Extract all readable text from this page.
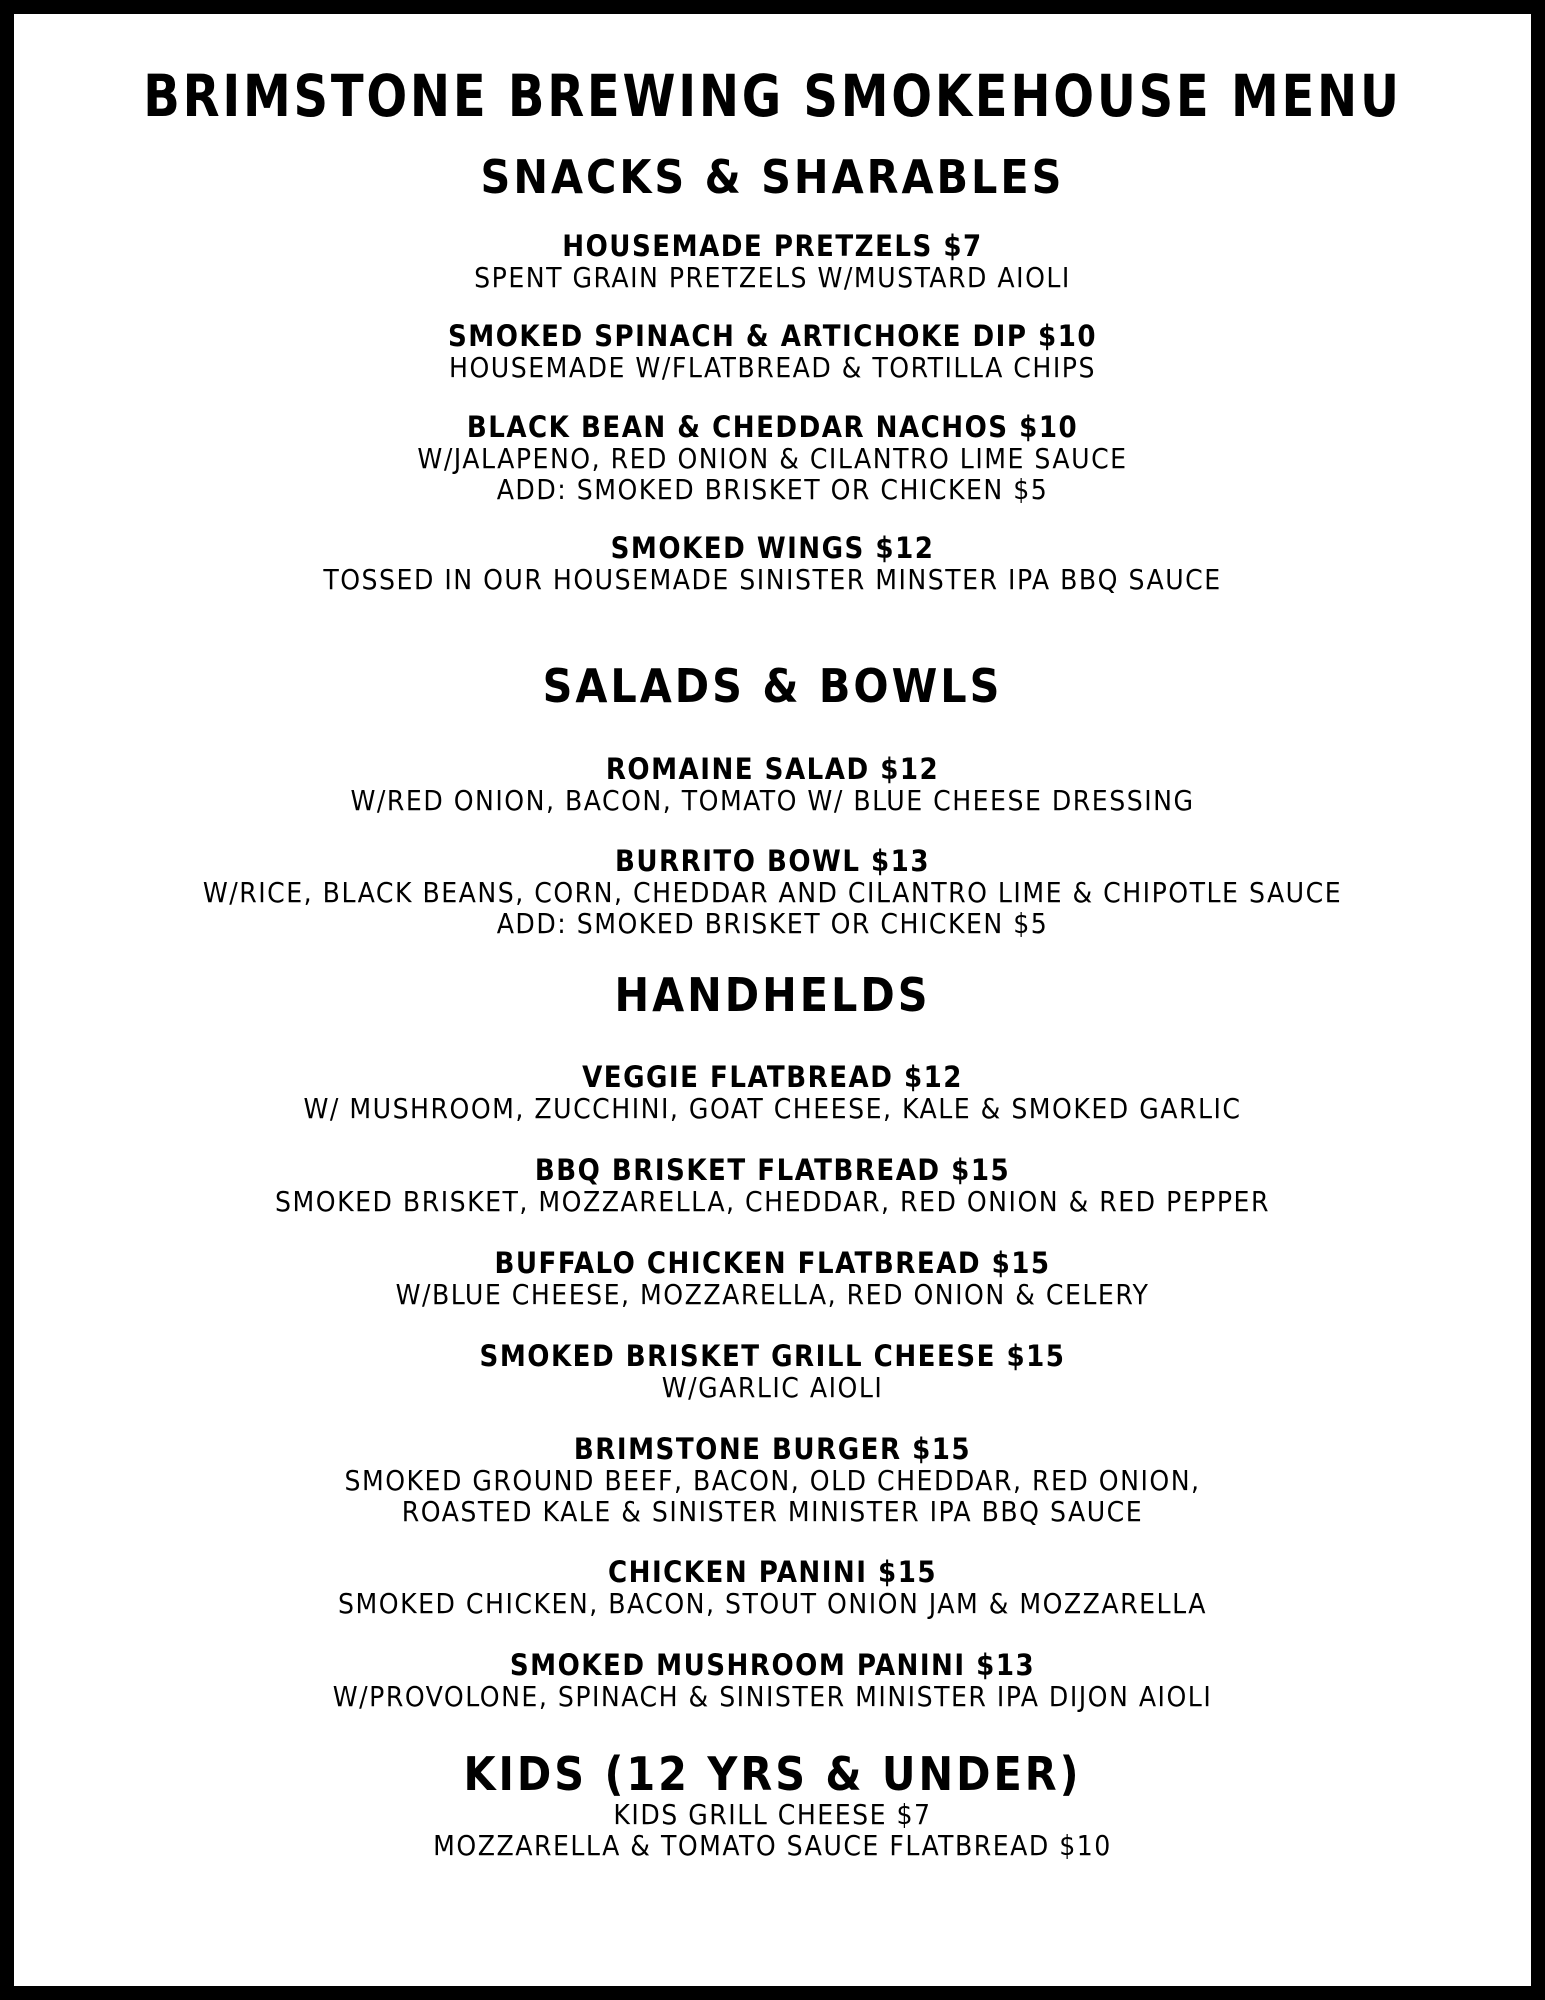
BRIMSTONE BREWING SMOKEHOUSE MENU
SNACKS & SHARABLES
HOUSEMADE PRETZELS $7
SPENT GRAIN PRETZELS W/MUSTARD AIOLI
SMOKED SPINACH & ARTICHOKE DIP $10
HOUSEMADE W/FLATBREAD & TORTILLA CHIPS
BLACK BEAN & CHEDDAR NACHOS $10
W/JALAPENO, RED ONION & CILANTRO LIME SAUCE
ADD: SMOKED BRISKET OR CHICKEN $5
SMOKED WINGS $12
TOSSED IN OUR HOUSEMADE SINISTER MINSTER IPA BBQ SAUCE
SALADS & BOWLS
ROMAINE SALAD $12
W/RED ONION, BACON, TOMATO W/ BLUE CHEESE DRESSING
BURRITO BOWL $13
W/RICE, BLACK BEANS, CORN, CHEDDAR AND CILANTRO LIME & CHIPOTLE SAUCE
ADD: SMOKED BRISKET OR CHICKEN $5
HANDHELDS
VEGGIE FLATBREAD $12
W/ MUSHROOM, ZUCCHINI, GOAT CHEESE, KALE & SMOKED GARLIC
BBQ BRISKET FLATBREAD $15
SMOKED BRISKET, MOZZARELLA, CHEDDAR, RED ONION & RED PEPPER
BUFFALO CHICKEN FLATBREAD $15
W/BLUE CHEESE, MOZZARELLA, RED ONION & CELERY
SMOKED BRISKET GRILL CHEESE $15
W/GARLIC AIOLI
BRIMSTONE BURGER $15
SMOKED GROUND BEEF, BACON, OLD CHEDDAR, RED ONION,
ROASTED KALE & SINISTER MINISTER IPA BBQ SAUCE
CHICKEN PANINI $15
SMOKED CHICKEN, BACON, STOUT ONION JAM & MOZZARELLA
SMOKED MUSHROOM PANINI $13
W/PROVOLONE, SPINACH & SINISTER MINISTER IPA DIJON AIOLI
KIDS (12 YRS & UNDER)
KIDS GRILL CHEESE $7
MOZZARELLA & TOMATO SAUCE FLATBREAD $10
